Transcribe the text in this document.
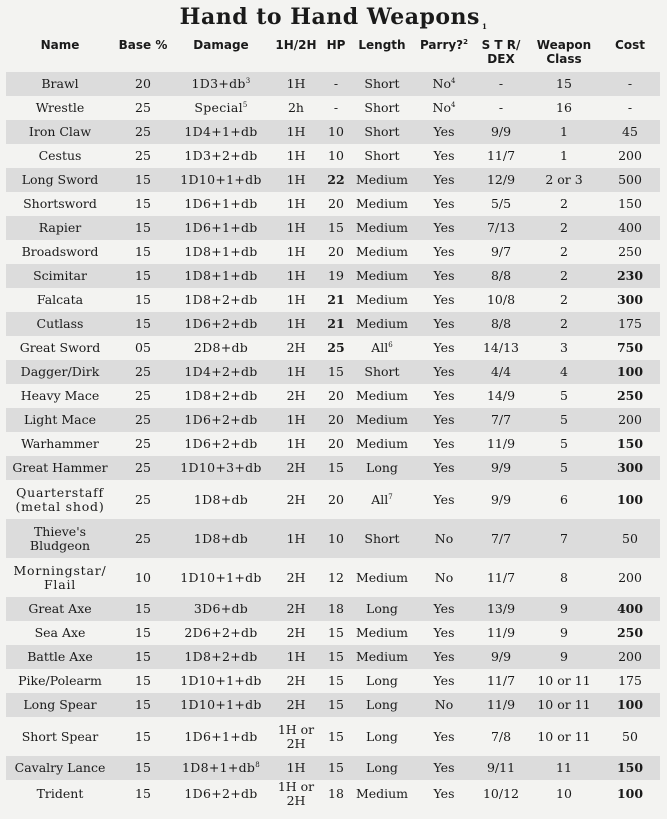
Hand to Hand Weapons $_1$
Name	Base %	Damage	1H/2H	HP	Length	Parry?$^2$	S T R/ DEX	Weapon Class	Cost

Brawl	20	$1D3+db^3$	1H	-	Short	No$^4$	-	15	-

Wrestle	25	Special$^5$	2h	-	Short	No$^4$	-	16	-

Iron Claw	25	1D4+1+db	1H	10	Short	Yes	9/9	1	45

Cestus	25	1D3+2+db	1H	10	Short	Yes	11/7	1	200

Long Sword	15	1D10+1+db	1H	22	Medium	Yes	12/9	2 or 3	500

Shortsword	15	1D6+1+db	1H	20	Medium	Yes	5/5	2	150

Rapier	15	1D6+1+db	1H	15	Medium	Yes	7/13	2	400

Broadsword	15	1D8+1+db	1H	20	Medium	Yes	9/7	2	250

Scimitar	15	1D8+1+db	1H	19	Medium	Yes	8/8	2	230

Falcata	15	1D8+2+db	1H	21	Medium	Yes	10/8	2	300

Cutlass	15	1D6+2+db	1H	21	Medium	Yes	8/8	2	175

Great Sword	05	2D8+db	2H	25	All$^6$	Yes	14/13	3	750

Dagger/Dirk	25	1D4+2+db	1H	15	Short	Yes	4/4	4	100

Heavy Mace	25	1D8+2+db	2H	20	Medium	Yes	14/9	5	250

Light Mace	25	1D6+2+db	1H	20	Medium	Yes	7/7	5	200

Warhammer	25	1D6+2+db	1H	20	Medium	Yes	11/9	5	150

Great Hammer	25	1D10+3+db	2H	15	Long	Yes	9/9	5	300

Quarterstaff
(metal shod)	25	1D8+db	2H	20	All$^7$	Yes	9/9	6	100

Thieve's
Bludgeon	25	1D8+db	1H	10	Short	No	7/7	7	50

Morningstar/
Flail	10	1D10+1+db	2H	12	Medium	No	11/7	8	200

Great Axe	15	3D6+db	2H	18	Long	Yes	13/9	9	400

Sea Axe	15	2D6+2+db	2H	15	Medium	Yes	11/9	9	250

Battle Axe	15	1D8+2+db	1H	15	Medium	Yes	9/9	9	200

Pike/Polearm	15	1D10+1+db	2H	15	Long	Yes	11/7	10 or 11	175

Long Spear	15	1D10+1+db	2H	15	Long	No	11/9	10 or 11	100

Short Spear	15	1D6+1+db	1H or 2H	15	Long	Yes	7/8	10 or 11	50

Cavalry Lance	15	$1D8+1+db^8$	1H	15	Long	Yes	9/11	11	150

Trident	15	1D6+2+db	1H or 2H	18	Medium	Yes	10/12	10	100
